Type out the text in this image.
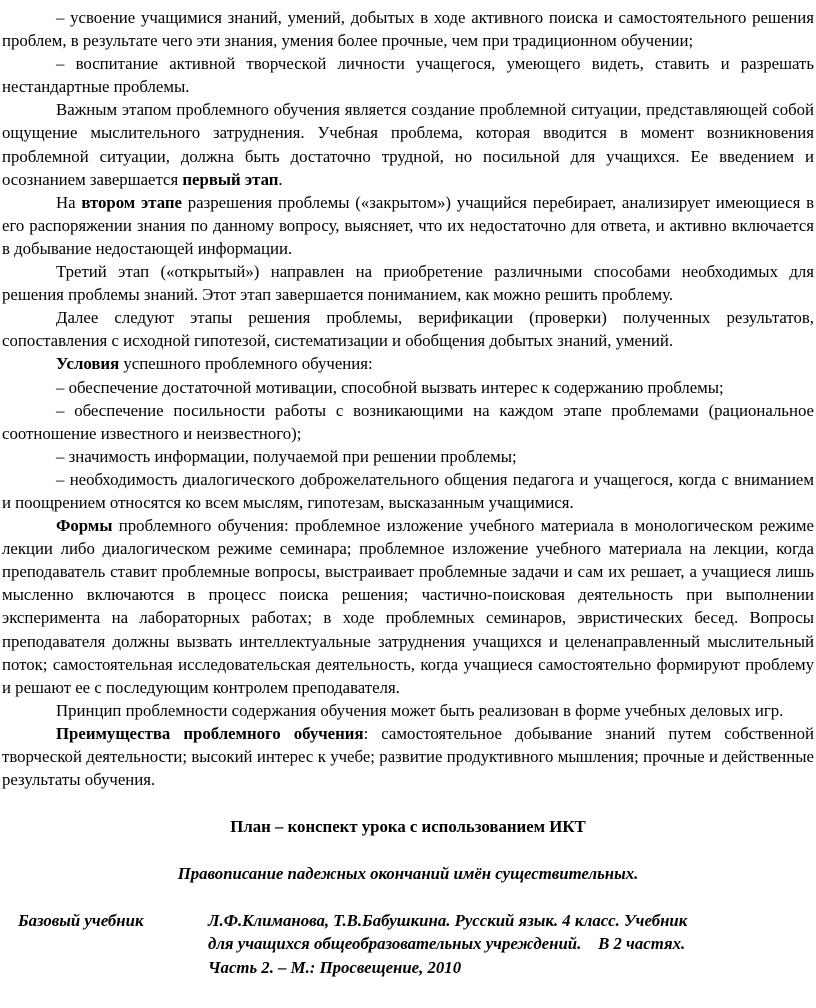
– усвоение учащимися знаний, умений, добытых в ходе активного поиска и самостоятельного решения проблем, в результате чего эти знания, умения более прочные, чем при традиционном обучении;

– воспитание активной творческой личности учащегося, умеющего видеть, ставить и разрешать нестандартные проблемы.

Важным этапом проблемного обучения является создание проблемной ситуации, представляющей собой ощущение мыслительного затруднения. Учебная проблема, которая вводится в момент возникновения проблемной ситуации, должна быть достаточно трудной, но посильной для учащихся. Ее введением и осознанием завершается первый этап.

На втором этапе разрешения проблемы («закрытом») учащийся перебирает, анализирует имеющиеся в его распоряжении знания по данному вопросу, выясняет, что их недостаточно для ответа, и активно включается в добывание недостающей информации.

Третий этап («открытый») направлен на приобретение различными способами необходимых для решения проблемы знаний. Этот этап завершается пониманием, как можно решить проблему.

Далее следуют этапы решения проблемы, верификации (проверки) полученных результатов, сопоставления с исходной гипотезой, систематизации и обобщения добытых знаний, умений.

Условия успешного проблемного обучения:

– обеспечение достаточной мотивации, способной вызвать интерес к содержанию проблемы;

– обеспечение посильности работы с возникающими на каждом этапе проблемами (рациональное соотношение известного и неизвестного);

– значимость информации, получаемой при решении проблемы;

– необходимость диалогического доброжелательного общения педагога и учащегося, когда с вниманием и поощрением относятся ко всем мыслям, гипотезам, высказанным учащимися.

Формы проблемного обучения: проблемное изложение учебного материала в монологическом режиме лекции либо диалогическом режиме семинара; проблемное изложение учебного материала на лекции, когда преподаватель ставит проблемные вопросы, выстраивает проблемные задачи и сам их решает, а учащиеся лишь мысленно включаются в процесс поиска решения; частично-поисковая деятельность при выполнении эксперимента на лабораторных работах; в ходе проблемных семинаров, эвристических бесед. Вопросы преподавателя должны вызвать интеллектуальные затруднения учащихся и целенаправленный мыслительный поток; самостоятельная исследовательская деятельность, когда учащиеся самостоятельно формируют проблему и решают ее с последующим контролем преподавателя.

Принцип проблемности содержания обучения может быть реализован в форме учебных деловых игр.

Преимущества проблемного обучения: самостоятельное добывание знаний путем собственной творческой деятельности; высокий интерес к учебе; развитие продуктивного мышления; прочные и действенные результаты обучения.

План – конспект урока с использованием ИКТ

Правописание падежных окончаний имён существительных.

Базовый учебник	Л.Ф.Климанова, Т.В.Бабушкина. Русский язык. 4 класс. Учебник
для учащихся общеобразовательных учреждений.    В 2 частях.
Часть 2. – М.: Просвещение, 2010
